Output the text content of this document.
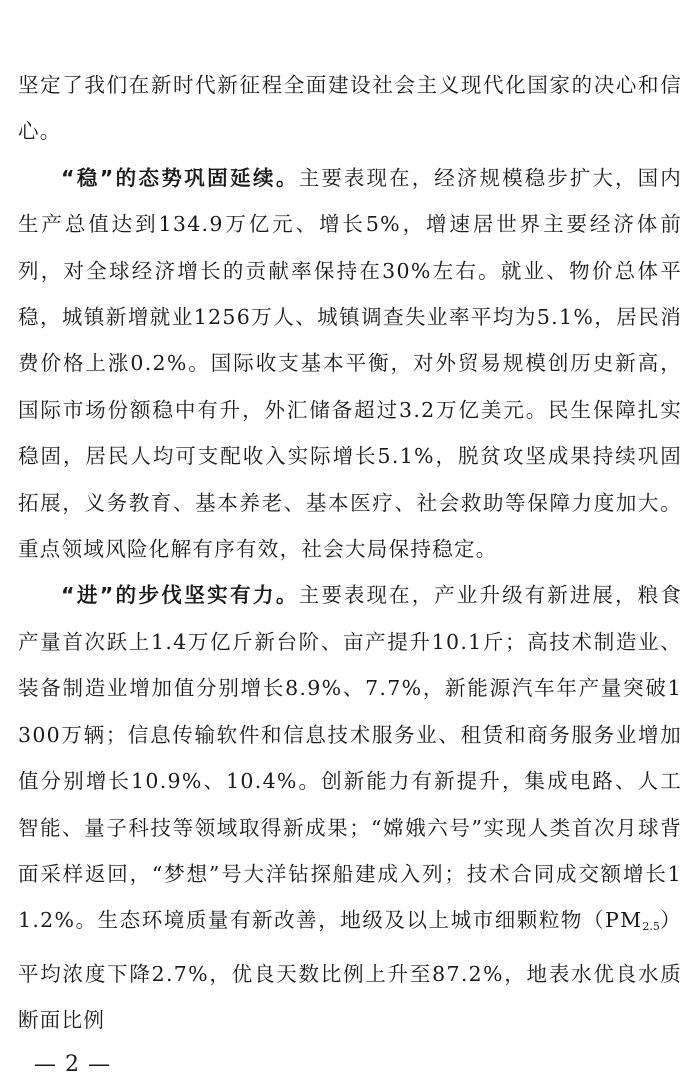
坚定了我们在新时代新征程全面建设社会主义现代化国家的决心和信心。

“稳”的态势巩固延续。主要表现在，经济规模稳步扩大，国内生产总值达到134.9万亿元、增长5%，增速居世界主要经济体前列，对全球经济增长的贡献率保持在30%左右。就业、物价总体平稳，城镇新增就业1256万人、城镇调查失业率平均为5.1%，居民消费价格上涨0.2%。国际收支基本平衡，对外贸易规模创历史新高，国际市场份额稳中有升，外汇储备超过3.2万亿美元。民生保障扎实稳固，居民人均可支配收入实际增长5.1%，脱贫攻坚成果持续巩固拓展，义务教育、基本养老、基本医疗、社会救助等保障力度加大。重点领域风险化解有序有效，社会大局保持稳定。

“进”的步伐坚实有力。主要表现在，产业升级有新进展，粮食产量首次跃上1.4万亿斤新台阶、亩产提升10.1斤；高技术制造业、装备制造业增加值分别增长8.9%、7.7%，新能源汽车年产量突破1300万辆；信息传输软件和信息技术服务业、租赁和商务服务业增加值分别增长10.9%、10.4%。创新能力有新提升，集成电路、人工智能、量子科技等领域取得新成果；“嫦娥六号”实现人类首次月球背面采样返回，“梦想”号大洋钻探船建成入列；技术合同成交额增长11.2%。生态环境质量有新改善，地级及以上城市细颗粒物$(PM_{2.5})$平均浓度下降2.7%，优良天数比例上升至87.2%，地表水优良水质断面比例

— 2 —
